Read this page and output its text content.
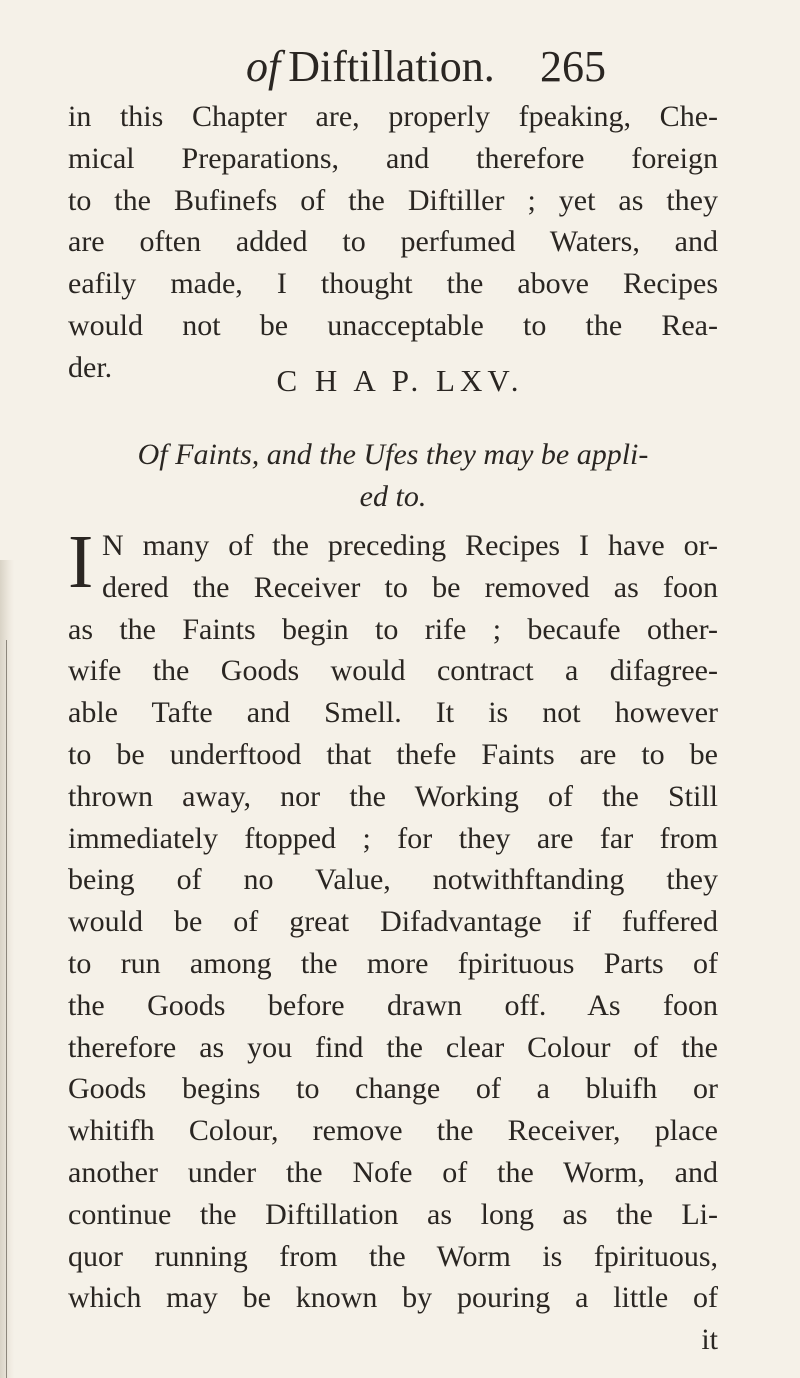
of Diftillation. 265
in this Chapter are, properly fpeaking, Che-
mical Preparations, and therefore foreign
to the Bufinefs of the Diftiller ; yet as they
are often added to perfumed Waters, and
eafily made, I thought the above Recipes
would not be unacceptable to the Rea-
der.	C H A P. LXV.
Of Faints, and the Ufes they may be appli-
ed to.
I N many of the preceding Recipes I have or-
dered the Receiver to be removed as foon
as the Faints begin to rife ; becaufe other-
wife the Goods would contract a difagree-
able Tafte and Smell. It is not however
to be underftood that thefe Faints are to be
thrown away, nor the Working of the Still
immediately ftopped ; for they are far from
being of no Value, notwithftanding they
would be of great Difadvantage if fuffered
to run among the more fpirituous Parts of
the Goods before drawn off. As foon
therefore as you find the clear Colour of the
Goods begins to change of a bluifh or
whitifh Colour, remove the Receiver, place
another under the Nofe of the Worm, and
continue the Diftillation as long as the Li-
quor running from the Worm is fpirituous,
which may be known by pouring a little of
it
